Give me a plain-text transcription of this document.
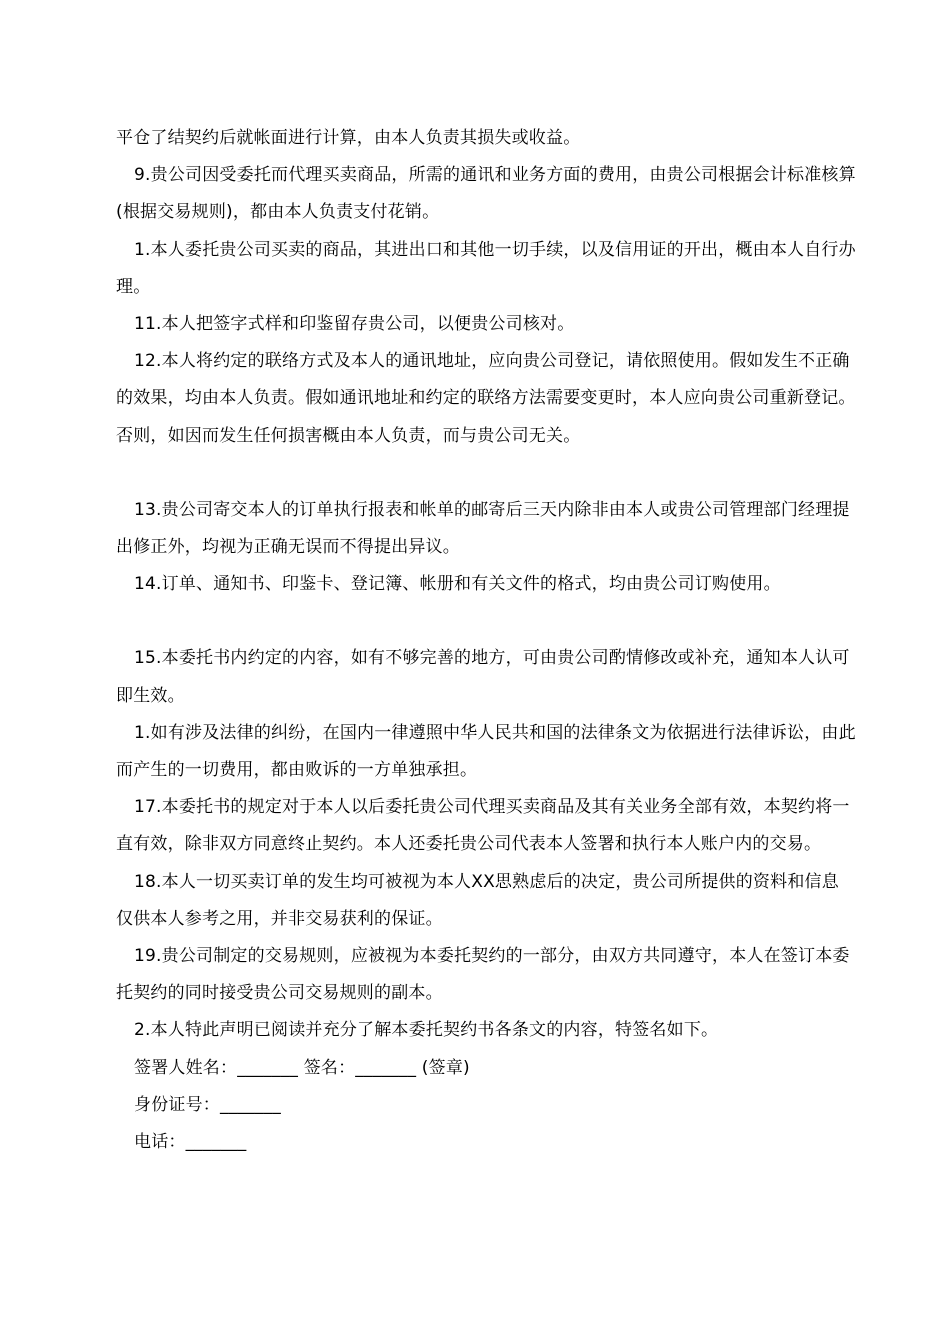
平仓了结契约后就帐面进行计算，由本人负责其损失或收益。

9.贵公司因受委托而代理买卖商品，所需的通讯和业务方面的费用，由贵公司根据会计标准核算(根据交易规则)，都由本人负责支付花销。

1.本人委托贵公司买卖的商品，其进出口和其他一切手续，以及信用证的开出，概由本人自行办理。

11.本人把签字式样和印鉴留存贵公司，以便贵公司核对。

12.本人将约定的联络方式及本人的通讯地址，应向贵公司登记，请依照使用。假如发生不正确的效果，均由本人负责。假如通讯地址和约定的联络方法需要变更时，本人应向贵公司重新登记。否则，如因而发生任何损害概由本人负责，而与贵公司无关。

13.贵公司寄交本人的订单执行报表和帐单的邮寄后三天内除非由本人或贵公司管理部门经理提出修正外，均视为正确无误而不得提出异议。

14.订单、通知书、印鉴卡、登记簿、帐册和有关文件的格式，均由贵公司订购使用。

15.本委托书内约定的内容，如有不够完善的地方，可由贵公司酌情修改或补充，通知本人认可即生效。

1.如有涉及法律的纠纷，在国内一律遵照中华人民共和国的法律条文为依据进行法律诉讼，由此而产生的一切费用，都由败诉的一方单独承担。

17.本委托书的规定对于本人以后委托贵公司代理买卖商品及其有关业务全部有效，本契约将一直有效，除非双方同意终止契约。本人还委托贵公司代表本人签署和执行本人账户内的交易。

18.本人一切买卖订单的发生均可被视为本人XX思熟虑后的决定，贵公司所提供的资料和信息仅供本人参考之用，并非交易获利的保证。

19.贵公司制定的交易规则，应被视为本委托契约的一部分，由双方共同遵守，本人在签订本委托契约的同时接受贵公司交易规则的副本。

2.本人特此声明已阅读并充分了解本委托契约书各条文的内容，特签名如下。

签署人姓名：_______ 签名：_______ (签章)

身份证号：_______

电话：_______
